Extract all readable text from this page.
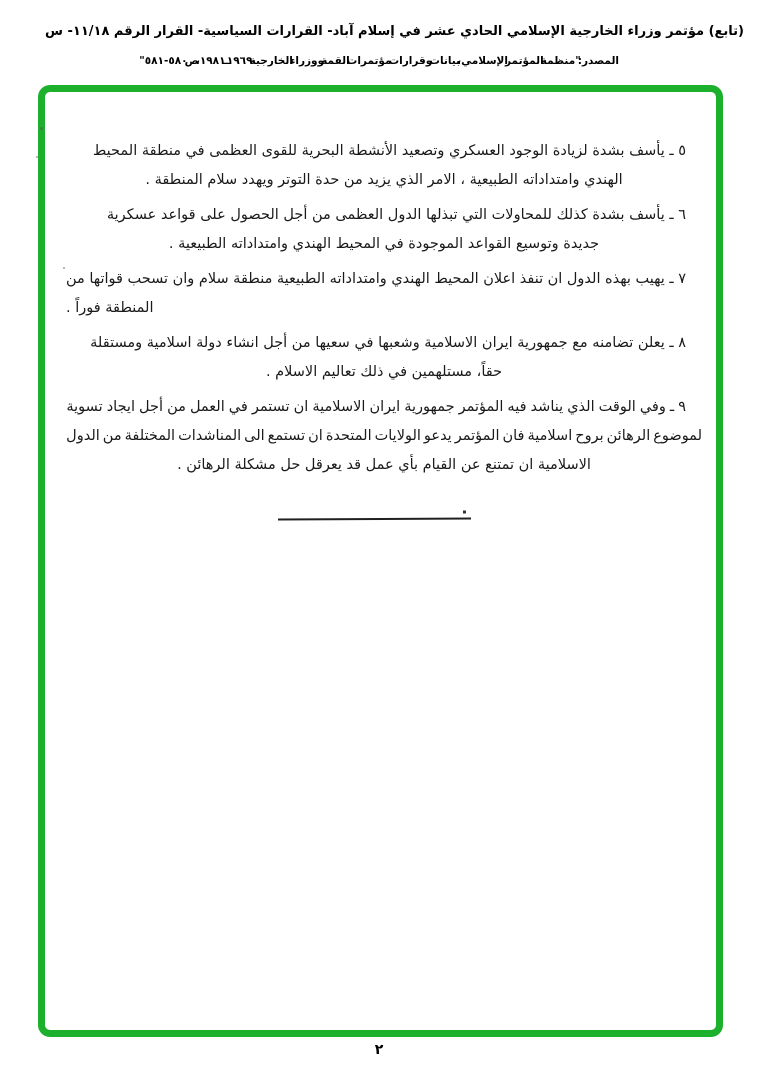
(تابع) مؤتمر وزراء الخارجية الإسلامي الحادي عشر في إسلام آباد- القرارات السياسية- القرار الرقم ١١/١٨- س
المصدر: "منظمة المؤتمر الإسلامي، بيانات وقرارات مؤتمرات القمة ووزراء الخارجية ١٩٦٩ ــ ١٩٨١، ص ٥٨٠-٥٨١"

٥ ـ يأسف بشدة لزيادة الوجود العسكري وتصعيد الأنشطة البحرية للقوى العظمى في منطقة المحيط
الهندي وامتداداته الطبيعية ، الامر الذي يزيد من حدة التوتر ويهدد سلام المنطقة .

٦ ـ يأسف بشدة كذلك للمحاولات التي تبذلها الدول العظمى من أجل الحصول على قواعد عسكرية
جديدة وتوسيع القواعد الموجودة في المحيط الهندي وامتداداته الطبيعية .

٧ ـ يهيب بهذه الدول ان تنفذ اعلان المحيط الهندي وامتداداته الطبيعية منطقة سلام وان تسحب قواتها من
المنطقة فوراً .

٨ ـ يعلن تضامنه مع جمهورية ايران الاسلامية وشعبها في سعيها من أجل انشاء دولة اسلامية ومستقلة
حقاً، مستلهمين في ذلك تعاليم الاسلام .

٩ ـ وفي الوقت الذي يناشد فيه المؤتمر جمهورية ايران الاسلامية ان تستمر في العمل من أجل ايجاد تسوية
لموضوع الرهائن بروح اسلامية فان المؤتمر يدعو الولايات المتحدة ان تستمع الى المناشدات المختلفة من الدول
الاسلامية ان تمتنع عن القيام بأي عمل قد يعرقل حل مشكلة الرهائن .

٢
